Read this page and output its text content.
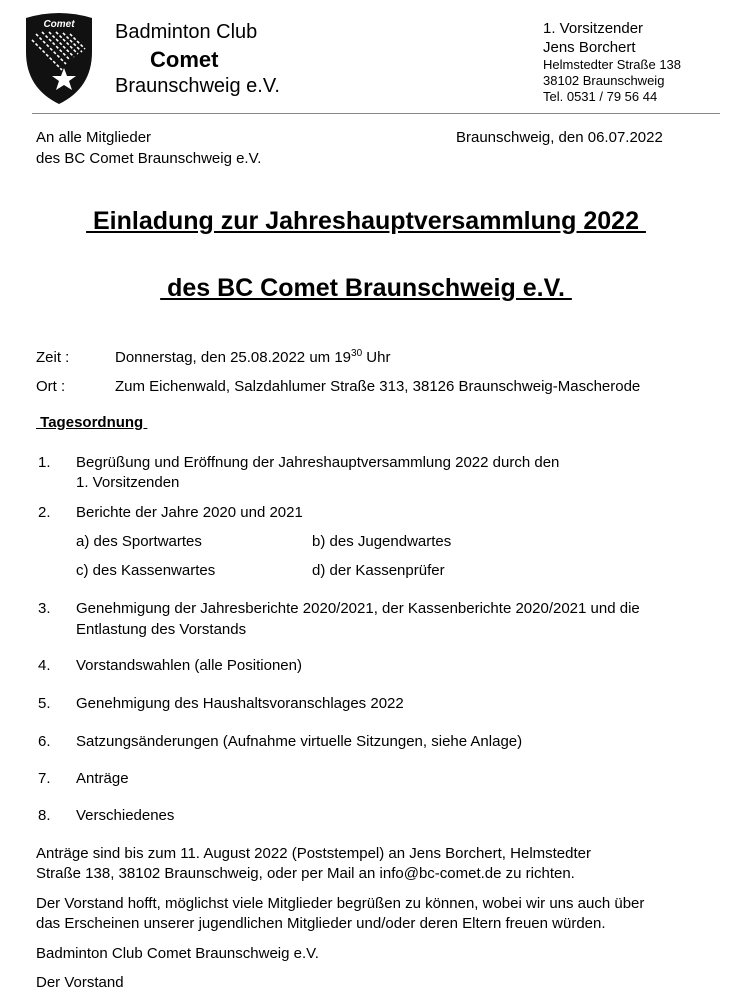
Comet Badminton Club
Comet
Braunschweig e.V.
1. Vorsitzender
Jens Borchert
Helmstedter Straße 138
38102 Braunschweig
Tel. 0531 / 79 56 44
An alle Mitglieder
des BC Comet Braunschweig e.V.
Braunschweig, den 06.07.2022
Einladung zur Jahreshauptversammlung 2022
des BC Comet Braunschweig e.V.
Zeit :	Donnerstag, den 25.08.2022 um $19^{30}$ Uhr
Ort :	Zum Eichenwald, Salzdahlumer Straße 313, 38126 Braunschweig-Mascherode
Tagesordnung
1. Begrüßung und Eröffnung der Jahreshauptversammlung 2022 durch den
1. Vorsitzenden
2. Berichte der Jahre 2020 und 2021
a) des Sportwartes	b) des Jugendwartes
c) des Kassenwartes	d) der Kassenprüfer
3. Genehmigung der Jahresberichte 2020/2021, der Kassenberichte 2020/2021 und die
Entlastung des Vorstands
4. Vorstandswahlen (alle Positionen)
5. Genehmigung des Haushaltsvoranschlages 2022
6. Satzungsänderungen (Aufnahme virtuelle Sitzungen, siehe Anlage)
7. Anträge
8. Verschiedenes
Anträge sind bis zum 11. August 2022 (Poststempel) an Jens Borchert, Helmstedter
Straße 138, 38102 Braunschweig, oder per Mail an info@bc-comet.de zu richten.
Der Vorstand hofft, möglichst viele Mitglieder begrüßen zu können, wobei wir uns auch über
das Erscheinen unserer jugendlichen Mitglieder und/oder deren Eltern freuen würden.
Badminton Club Comet Braunschweig e.V.
Der Vorstand
